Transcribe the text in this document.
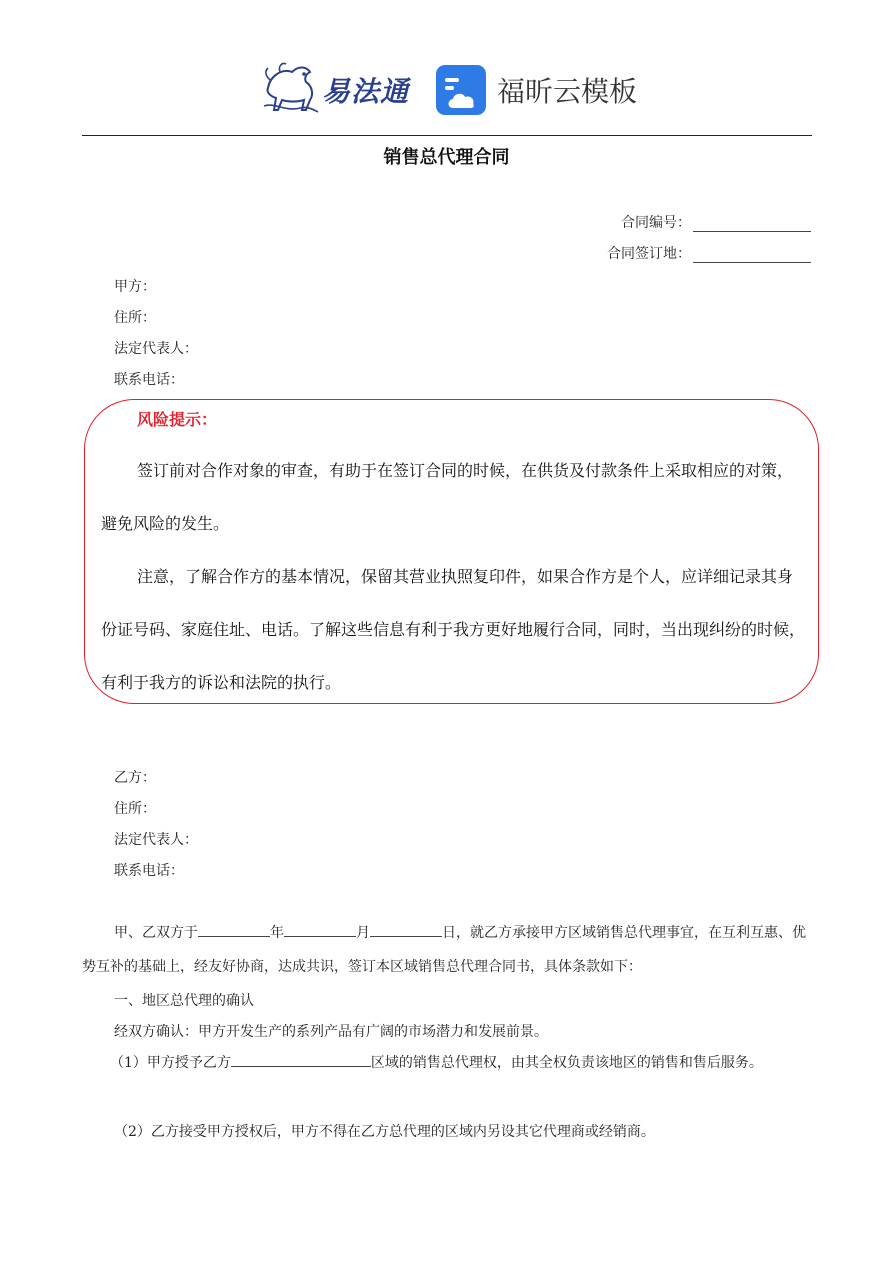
易法通	福昕云模板
销售总代理合同
合同编号：
合同签订地：
甲方：
住所：
法定代表人：
联系电话：
风险提示：

签订前对合作对象的审查，有助于在签订合同的时候，在供货及付款条件上采取相应的对策，避免风险的发生。

注意，了解合作方的基本情况，保留其营业执照复印件，如果合作方是个人，应详细记录其身份证号码、家庭住址、电话。了解这些信息有利于我方更好地履行合同，同时，当出现纠纷的时候，有利于我方的诉讼和法院的执行。

乙方：
住所：
法定代表人：
联系电话：

甲、乙双方于	年	月	日，就乙方承接甲方区域销售总代理事宜，在互利互惠、优势互补的基础上，经友好协商，达成共识，签订本区域销售总代理合同书，具体条款如下：

一、地区总代理的确认
经双方确认：甲方开发生产的系列产品有广阔的市场潜力和发展前景。

（1）甲方授予乙方	区域的销售总代理权，由其全权负责该地区的销售和售后服务。

（2）乙方接受甲方授权后，甲方不得在乙方总代理的区域内另设其它代理商或经销商。
